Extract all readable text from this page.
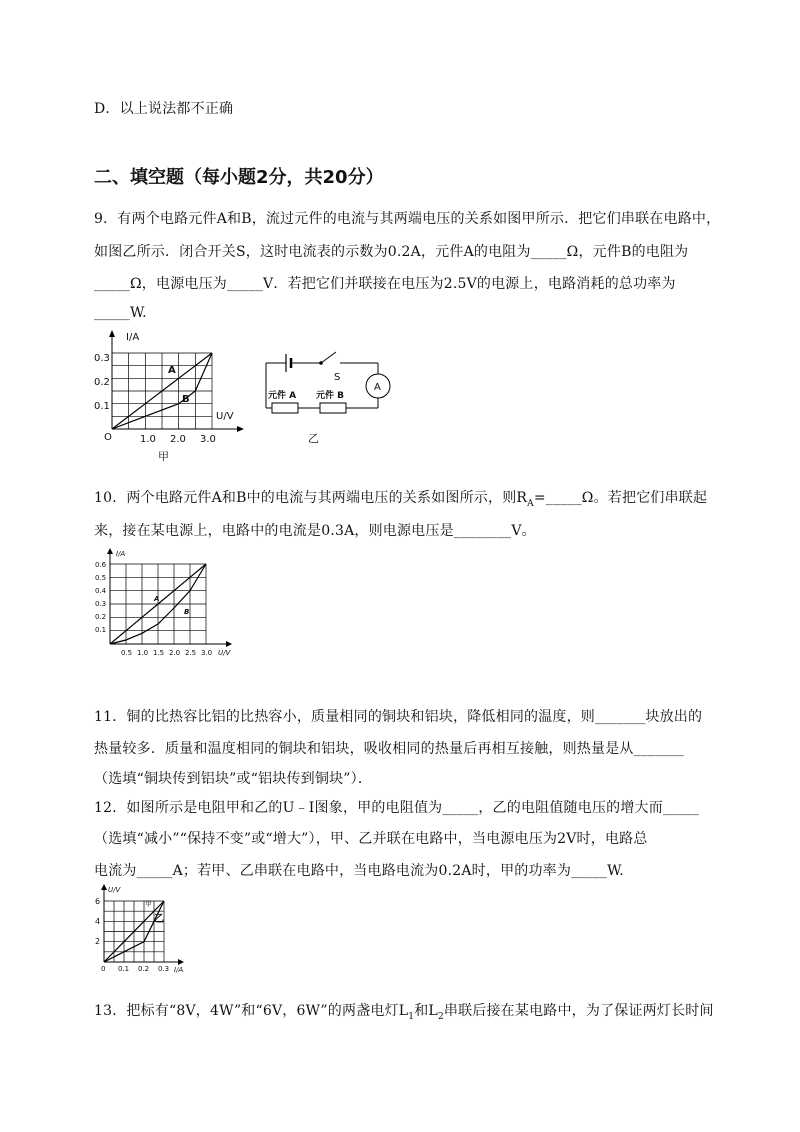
D．以上说法都不正确
二、填空题（每小题2分，共20分）
9．有两个电路元件A和B，流过元件的电流与其两端电压的关系如图甲所示．把它们串联在电路中，
如图乙所示．闭合开关S，这时电流表的示数为0.2A，元件A的电阻为_____Ω，元件B的电阻为
_____Ω，电源电压为_____V．若把它们并联接在电压为2.5V的电源上，电路消耗的总功率为
_____W.
I/A
U/V
O
0.3
0.2
0.1
1.0 2.0 3.0
A
B
甲
S
A
元件 A 元件 B
乙
10．两个电路元件A和B中的电流与其两端电压的关系如图所示，则$R_A=\_\_\_\_\_\Omega$。若把它们串联起
来，接在某电源上，电路中的电流是0.3A，则电源电压是________V。
I/A
U/V
0.6
0.5
0.4
0.3
0.2
0.1
0.5 1.0 1.5 2.0 2.5 3.0
A
B
11．铜的比热容比铝的比热容小，质量相同的铜块和铝块，降低相同的温度，则_______块放出的
热量较多．质量和温度相同的铜块和铝块，吸收相同的热量后再相互接触，则热量是从_______
（选填“铜块传到铝块”或“铝块传到铜块”）．
12．如图所示是电阻甲和乙的U﹣I图象，甲的电阻值为_____，乙的电阻值随电压的增大而_____
（选填“减小”“保持不变”或“增大”），甲、乙并联在电路中，当电源电压为2V时，电路总
电流为_____A；若甲、乙串联在电路中，当电路电流为0.2A时，甲的功率为_____W.
U/V
I/A
6
4
2
0 0.1 0.2 0.3
甲
乙
13．把标有“8V，4W”和“6V，6W”的两盏电灯$L_1$和$L_2$串联后接在某电路中，为了保证两灯长时间
